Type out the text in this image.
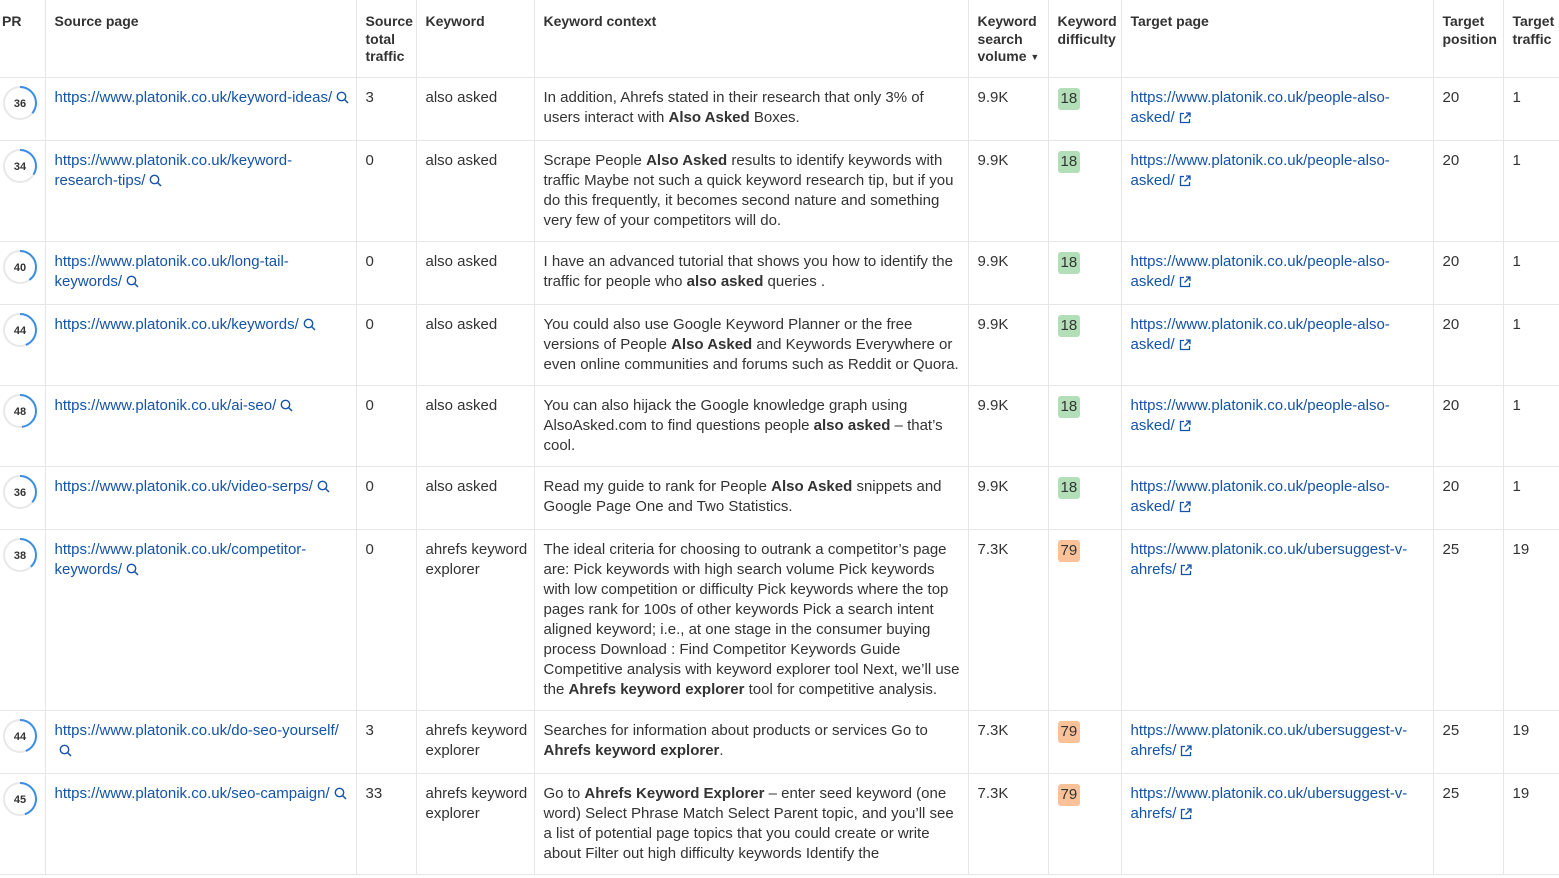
PR	Source page	Source total traffic	Keyword	Keyword context	Keyword search volume ▼	Keyword difficulty	Target page	Target position	Target traffic

36	https://www.platonik.co.uk/keyword-ideas/	3	also asked	In addition, Ahrefs stated in their research that only 3% of users interact with Also Asked Boxes.	9.9K	18	https://www.platonik.co.uk/people-also-asked/	20	1

34	https://www.platonik.co.uk/keyword-research-tips/	0	also asked	Scrape People Also Asked results to identify keywords with traffic Maybe not such a quick keyword research tip, but if you do this frequently, it becomes second nature and something very few of your competitors will do.	9.9K	18	https://www.platonik.co.uk/people-also-asked/	20	1

40	https://www.platonik.co.uk/long-tail-keywords/	0	also asked	I have an advanced tutorial that shows you how to identify the traffic for people who also asked queries .	9.9K	18	https://www.platonik.co.uk/people-also-asked/	20	1

44	https://www.platonik.co.uk/keywords/	0	also asked	You could also use Google Keyword Planner or the free versions of People Also Asked and Keywords Everywhere or even online communities and forums such as Reddit or Quora.	9.9K	18	https://www.platonik.co.uk/people-also-asked/	20	1

48	https://www.platonik.co.uk/ai-seo/	0	also asked	You can also hijack the Google knowledge graph using AlsoAsked.com to find questions people also asked – that’s cool.	9.9K	18	https://www.platonik.co.uk/people-also-asked/	20	1

36	https://www.platonik.co.uk/video-serps/	0	also asked	Read my guide to rank for People Also Asked snippets and Google Page One and Two Statistics.	9.9K	18	https://www.platonik.co.uk/people-also-asked/	20	1

38	https://www.platonik.co.uk/competitor-keywords/	0	ahrefs keyword explorer	The ideal criteria for choosing to outrank a competitor’s page are: Pick keywords with high search volume Pick keywords with low competition or difficulty Pick keywords where the top pages rank for 100s of other keywords Pick a search intent aligned keyword; i.e., at one stage in the consumer buying process Download : Find Competitor Keywords Guide Competitive analysis with keyword explorer tool Next, we’ll use the Ahrefs keyword explorer tool for competitive analysis.	7.3K	79	https://www.platonik.co.uk/ubersuggest-v-ahrefs/	25	19

44	https://www.platonik.co.uk/do-seo-yourself/	3	ahrefs keyword explorer	Searches for information about products or services Go to Ahrefs keyword explorer.	7.3K	79	https://www.platonik.co.uk/ubersuggest-v-ahrefs/	25	19

45	https://www.platonik.co.uk/seo-campaign/	33	ahrefs keyword explorer	Go to Ahrefs Keyword Explorer – enter seed keyword (one word) Select Phrase Match Select Parent topic, and you’ll see a list of potential page topics that you could create or write about Filter out high difficulty keywords Identify the	7.3K	79	https://www.platonik.co.uk/ubersuggest-v-ahrefs/	25	19
